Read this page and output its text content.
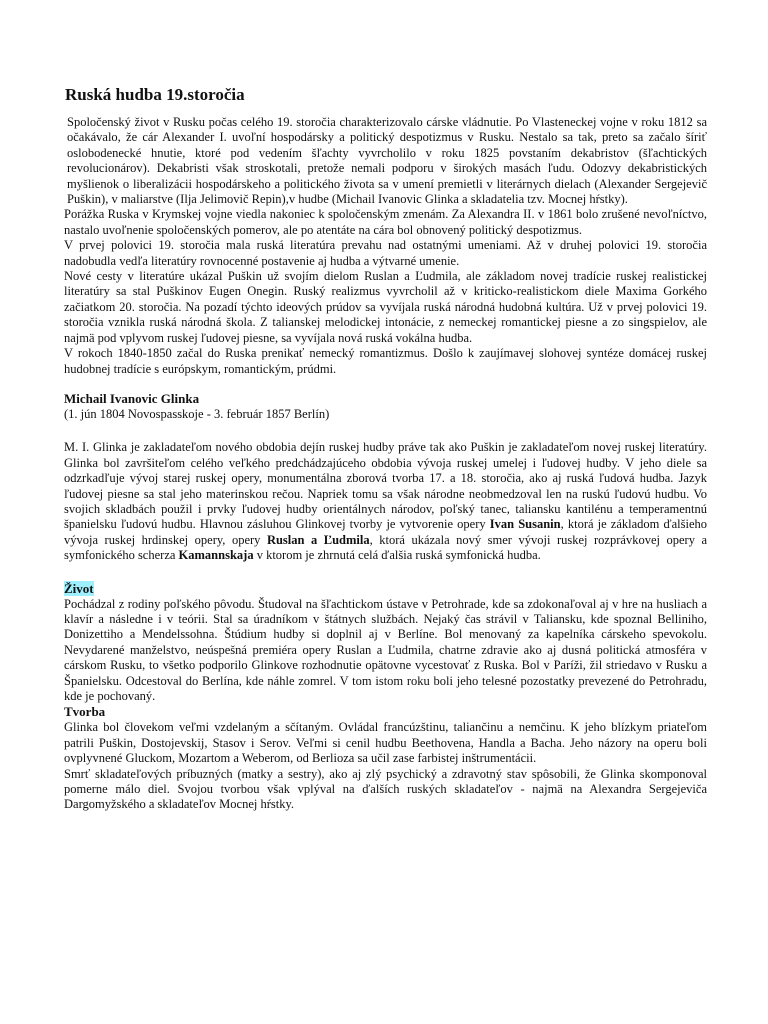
Ruská hudba 19.storočia

Spoločenský život v Rusku počas celého 19. storočia charakterizovalo cárske vládnutie. Po Vlasteneckej vojne v roku 1812 sa očakávalo, že cár Alexander I. uvoľní hospodársky a politický despotizmus v Rusku. Nestalo sa tak, preto sa začalo šíriť oslobodenecké hnutie, ktoré pod vedením šľachty vyvrcholilo v roku 1825 povstaním dekabristov (šľachtických revolucionárov). Dekabristi však stroskotali, pretože nemali podporu v širokých masách ľudu. Odozvy dekabristických myšlienok o liberalizácii hospodárskeho a politického života sa v umení premietli v literárnych dielach (Alexander Sergejevič Puškin), v maliarstve (Ilja Jelimovič Repin),v hudbe (Michail Ivanovic Glinka a skladatelia tzv. Mocnej hŕstky).

Porážka Ruska v Krymskej vojne viedla nakoniec k spoločenským zmenám. Za Alexandra II. v 1861 bolo zrušené nevoľníctvo, nastalo uvoľnenie spoločenských pomerov, ale po atentáte na cára bol obnovený politický despotizmus.

V prvej polovici 19. storočia mala ruská literatúra prevahu nad ostatnými umeniami. Až v druhej polovici 19. storočia nadobudla vedľa literatúry rovnocenné postavenie aj hudba a výtvarné umenie.

Nové cesty v literatúre ukázal Puškin už svojím dielom Ruslan a Ľudmila, ale základom novej tradície ruskej realistickej literatúry sa stal Puškinov Eugen Onegin. Ruský realizmus vyvrcholil až v kriticko-realistickom diele Maxima Gorkého začiatkom 20. storočia. Na pozadí týchto ideových prúdov sa vyvíjala ruská národná hudobná kultúra. Už v prvej polovici 19. storočia vznikla ruská národná škola. Z talianskej melodickej intonácie, z nemeckej romantickej piesne a zo singspielov, ale najmä pod vplyvom ruskej ľudovej piesne, sa vyvíjala nová ruská vokálna hudba.

V rokoch 1840-1850 začal do Ruska prenikať nemecký romantizmus. Došlo k zaujímavej slohovej syntéze domácej ruskej hudobnej tradície s európskym, romantickým, prúdmi.

Michail Ivanovic Glinka

(1. jún 1804 Novospasskoje - 3. február 1857 Berlín)

M. I. Glinka je zakladateľom nového obdobia dejín ruskej hudby práve tak ako Puškin je zakladateľom novej ruskej literatúry. Glinka bol završiteľom celého veľkého predchádzajúceho obdobia vývoja ruskej umelej i ľudovej hudby. V jeho diele sa odzrkadľuje vývoj starej ruskej opery, monumentálna zborová tvorba 17. a 18. storočia, ako aj ruská ľudová hudba. Jazyk ľudovej piesne sa stal jeho materinskou rečou. Napriek tomu sa však národne neobmedzoval len na ruskú ľudovú hudbu. Vo svojich skladbách použil i prvky ľudovej hudby orientálnych národov, poľský tanec, taliansku kantilénu a temperamentnú španielsku ľudovú hudbu. Hlavnou zásluhou Glinkovej tvorby je vytvorenie opery Ivan Susanin, ktorá je základom ďalšieho vývoja ruskej hrdinskej opery, opery Ruslan a Ľudmila, ktorá ukázala nový smer vývoji ruskej rozprávkovej opery a symfonického scherza Kamannskaja v ktorom je zhrnutá celá ďalšia ruská symfonická hudba.

Život

Pochádzal z rodiny poľského pôvodu. Študoval na šľachtickom ústave v Petrohrade, kde sa zdokonaľoval aj v hre na husliach a klavír a následne i v teórii. Stal sa úradníkom v štátnych službách. Nejaký čas strávil v Taliansku, kde spoznal Belliniho, Donizettiho a Mendelssohna. Štúdium hudby si doplnil aj v Berlíne. Bol menovaný za kapelníka cárskeho spevokolu. Nevydarené manželstvo, neúspešná premiéra opery Ruslan a Ľudmila, chatrne zdravie ako aj dusná politická atmosféra v cárskom Rusku, to všetko podporilo Glinkove rozhodnutie opätovne vycestovať z Ruska. Bol v Paríži, žil striedavo v Rusku a Španielsku. Odcestoval do Berlína, kde náhle zomrel. V tom istom roku boli jeho telesné pozostatky prevezené do Petrohradu, kde je pochovaný.

Tvorba

Glinka bol človekom veľmi vzdelaným a sčítaným. Ovládal francúzštinu, taliančinu a nemčinu. K jeho blízkym priateľom patrili Puškin, Dostojevskij, Stasov i Serov. Veľmi si cenil hudbu Beethovena, Handla a Bacha. Jeho názory na operu boli ovplyvnené Gluckom, Mozartom a Weberom, od Berlioza sa učil zase farbistej inštrumentácii.

Smrť skladateľových príbuzných (matky a sestry), ako aj zlý psychický a zdravotný stav spôsobili, že Glinka skomponoval pomerne málo diel. Svojou tvorbou však vplýval na ďalších ruských skladateľov - najmä na Alexandra Sergejeviča Dargomyžského a skladateľov Mocnej hŕstky.
